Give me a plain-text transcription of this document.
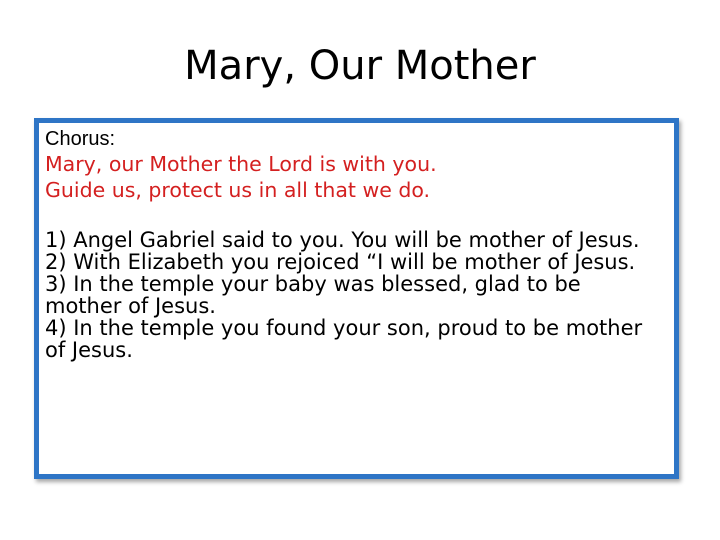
Mary, Our Mother
Chorus:
Mary, our Mother the Lord is with you.
Guide us, protect us in all that we do.
1) Angel Gabriel said to you. You will be mother of Jesus.
2) With Elizabeth you rejoiced “I will be mother of Jesus.
3) In the temple your baby was blessed, glad to be mother of Jesus.
4) In the temple you found your son, proud to be mother of Jesus.
